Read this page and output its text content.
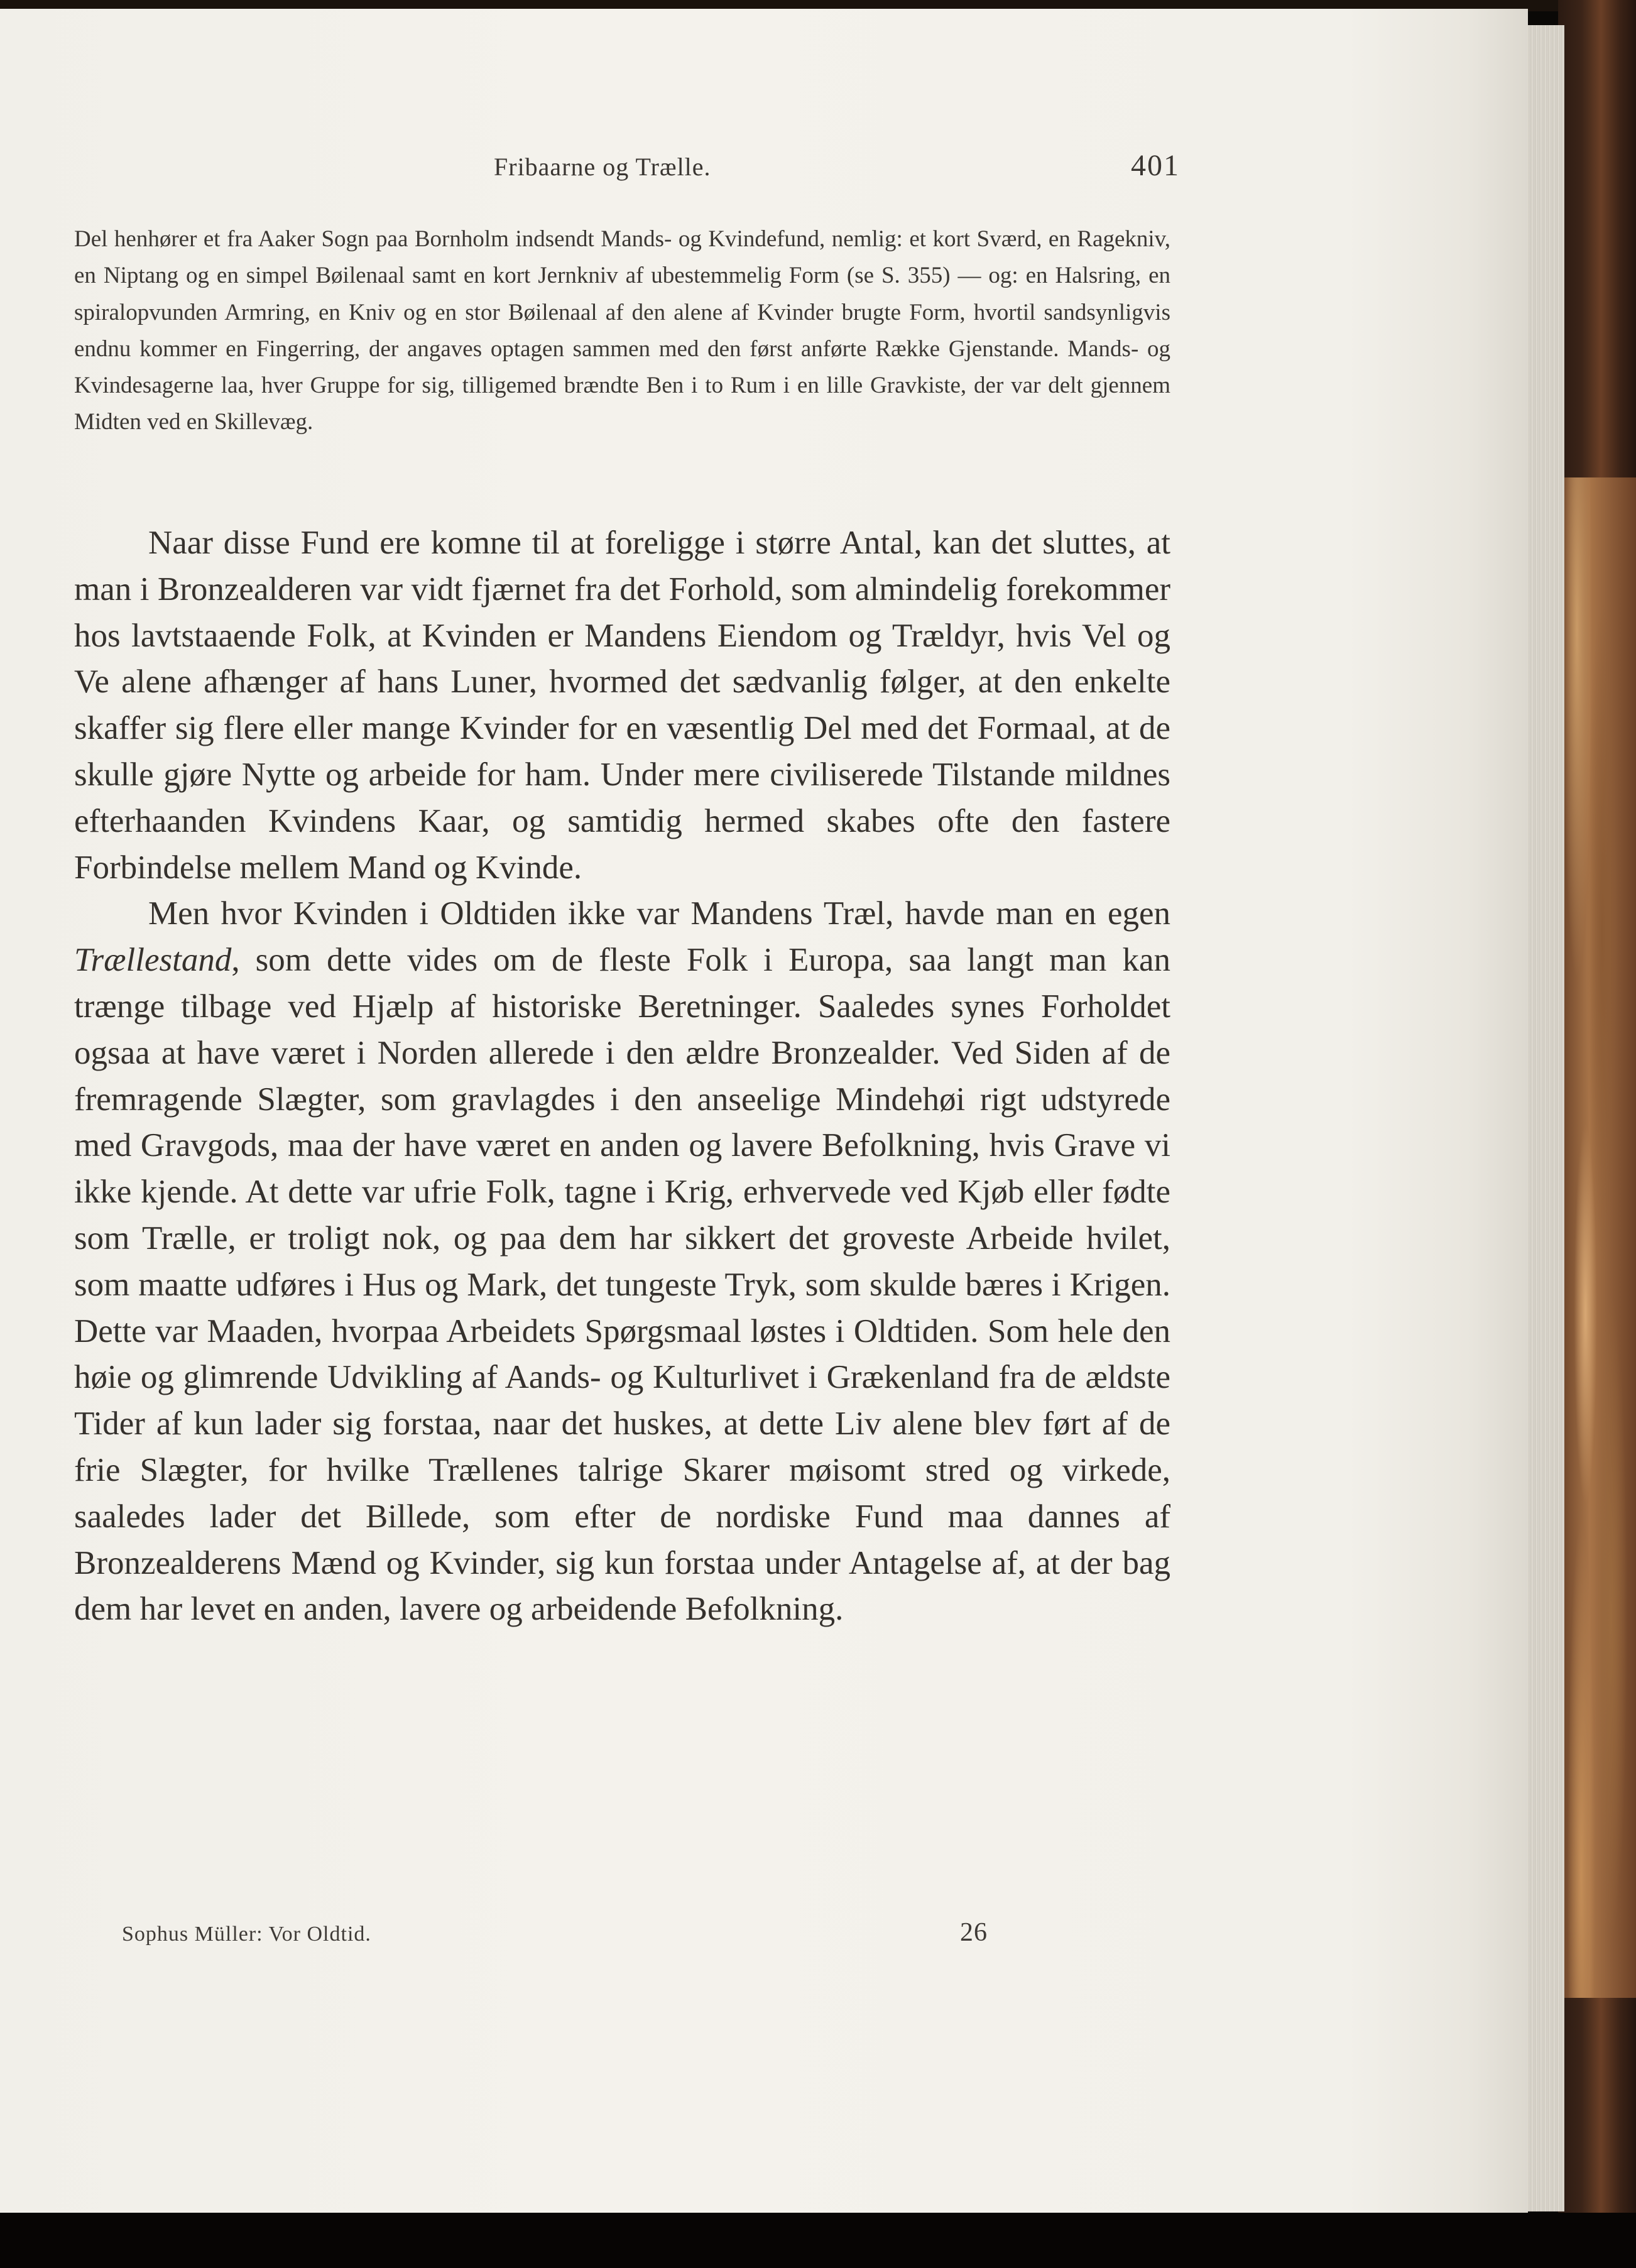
Fribaarne og Trælle.	401

Del henhører et fra Aaker Sogn paa Bornholm indsendt Mands- og Kvindefund, nemlig: et kort Sværd, en Ragekniv, en Niptang og en simpel Bøilenaal samt en kort Jernkniv af ubestemmelig Form (se S. 355) — og: en Halsring, en spiralopvunden Armring, en Kniv og en stor Bøilenaal af den alene af Kvinder brugte Form, hvortil sandsynligvis endnu kommer en Fingerring, der angaves optagen sammen med den først anførte Række Gjenstande. Mands- og Kvindesagerne laa, hver Gruppe for sig, tilligemed brændte Ben i to Rum i en lille Gravkiste, der var delt gjennem Midten ved en Skillevæg.

Naar disse Fund ere komne til at foreligge i større Antal, kan det sluttes, at man i Bronzealderen var vidt fjærnet fra det Forhold, som almindelig forekommer hos lavtstaaende Folk, at Kvinden er Mandens Eiendom og Trældyr, hvis Vel og Ve alene afhænger af hans Luner, hvormed det sædvanlig følger, at den enkelte skaffer sig flere eller mange Kvinder for en væsentlig Del med det Formaal, at de skulle gjøre Nytte og arbeide for ham. Under mere civiliserede Tilstande mildnes efterhaanden Kvindens Kaar, og samtidig hermed skabes ofte den fastere Forbindelse mellem Mand og Kvinde.

Men hvor Kvinden i Oldtiden ikke var Mandens Træl, havde man en egen Trællestand, som dette vides om de fleste Folk i Europa, saa langt man kan trænge tilbage ved Hjælp af historiske Beretninger. Saaledes synes Forholdet ogsaa at have været i Norden allerede i den ældre Bronzealder. Ved Siden af de fremragende Slægter, som gravlagdes i den anseelige Mindehøi rigt udstyrede med Gravgods, maa der have været en anden og lavere Befolkning, hvis Grave vi ikke kjende. At dette var ufrie Folk, tagne i Krig, erhvervede ved Kjøb eller fødte som Trælle, er troligt nok, og paa dem har sikkert det groveste Arbeide hvilet, som maatte udføres i Hus og Mark, det tungeste Tryk, som skulde bæres i Krigen. Dette var Maaden, hvorpaa Arbeidets Spørgsmaal løstes i Oldtiden. Som hele den høie og glimrende Udvikling af Aands- og Kulturlivet i Grækenland fra de ældste Tider af kun lader sig forstaa, naar det huskes, at dette Liv alene blev ført af de frie Slægter, for hvilke Trællenes talrige Skarer møisomt stred og virkede, saaledes lader det Billede, som efter de nordiske Fund maa dannes af Bronzealderens Mænd og Kvinder, sig kun forstaa under Antagelse af, at der bag dem har levet en anden, lavere og arbeidende Befolkning.

Sophus Müller: Vor Oldtid.	26
